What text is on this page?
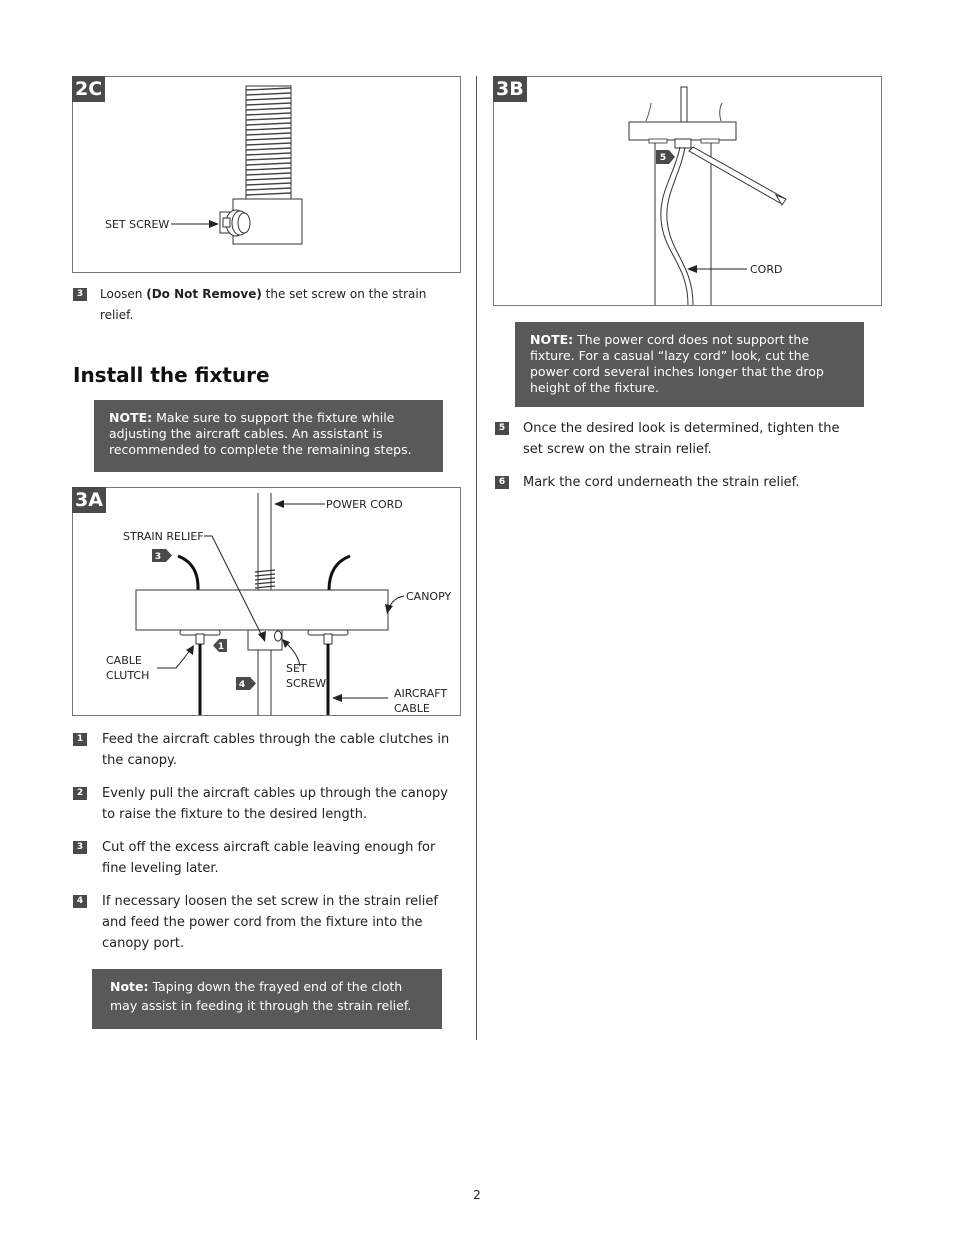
SET SCREW
2C
3	Loosen (Do Not Remove) the set screw on the strain relief.
Install the fixture
NOTE: Make sure to support the fixture while adjusting the aircraft cables. An assistant is recommended to complete the remaining steps.
POWER CORD
STRAIN RELIEF
CANOPY
CABLE
CLUTCH
SET
SCREW
AIRCRAFT
CABLE
3
1
4
3A
1 Feed the aircraft cables through the cable clutches in the canopy.
2 Evenly pull the aircraft cables up through the canopy to raise the fixture to the desired length.
3 Cut off the excess aircraft cable leaving enough for fine leveling later.
4 If necessary loosen the set screw in the strain relief and feed the power cord from the fixture into the canopy port.
Note: Taping down the frayed end of the cloth may assist in feeding it through the strain relief.
5
CORD
3B
NOTE: The power cord does not support the fixture. For a casual “lazy cord” look, cut the power cord several inches longer that the drop height of the fixture.
5 Once the desired look is determined, tighten the set screw on the strain relief.
6 Mark the cord underneath the strain relief.
2
